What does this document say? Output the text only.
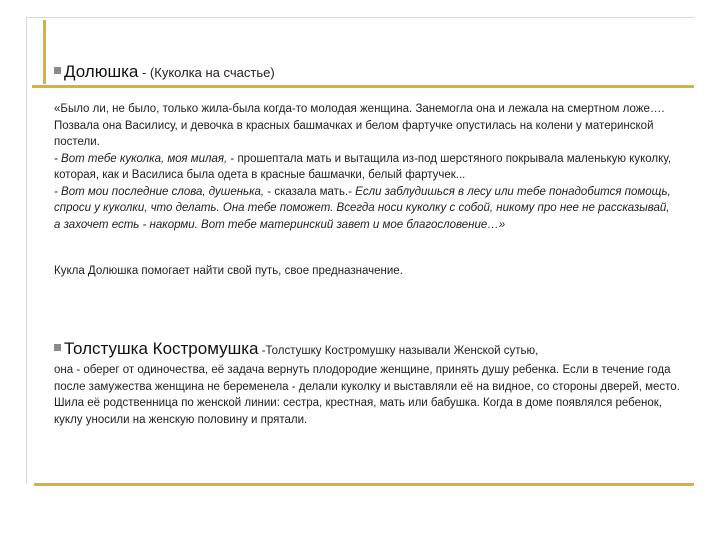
Долюшка - (Куколка на счастье)

«Было ли, не было, только жила-была когда-то молодая женщина. Занемогла она и лежала на смертном ложе…. Позвала она Василису, и девочка в красных башмачках и белом фартучке опустилась на колени у материнской постели.
- Вот тебе куколка, моя милая, - прошептала мать и вытащила из-под шерстяного покрывала маленькую куколку, которая, как и Василиса была одета в красные башмачки, белый фартучек...
- Вот мои последние слова, душенька, - сказала мать.- Если заблудишься в лесу или тебе понадобится помощь, спроси у куколки, что делать. Она тебе поможет. Всегда носи куколку с собой, никому про нее не рассказывай, а захочет есть - накорми. Вот тебе материнский завет и мое благословение…»

Кукла Долюшка помогает найти свой путь, свое предназначение.

Толстушка Костромушка -Толстушку Костромушку называли Женской сутью,

она - оберег от одиночества, её задача вернуть плодородие женщине, принять душу ребенка. Если в течение года после замужества женщина не беременела - делали куколку и выставляли её на видное, со стороны дверей, место. Шила её родственница по женской линии: сестра, крестная, мать или бабушка. Когда в доме появлялся ребенок, куклу уносили на женскую половину и прятали.
